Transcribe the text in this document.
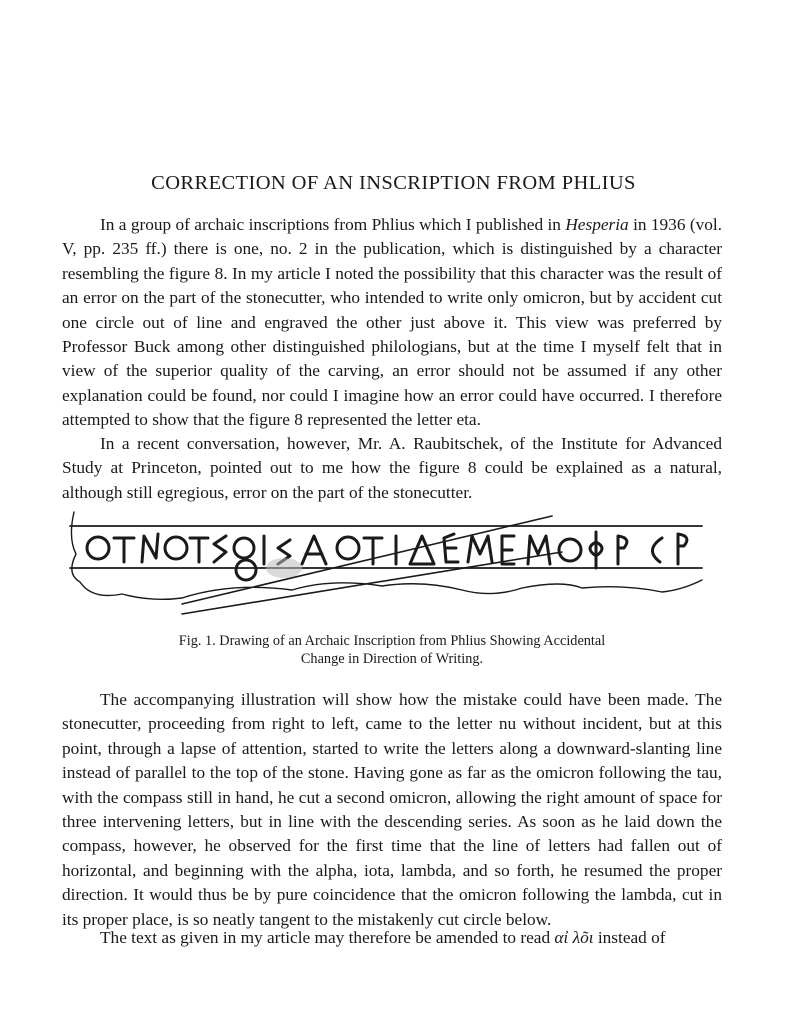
CORRECTION OF AN INSCRIPTION FROM PHLIUS

In a group of archaic inscriptions from Phlius which I published in Hesperia in 1936 (vol. V, pp. 235 ff.) there is one, no. 2 in the publication, which is distinguished by a character resembling the figure 8. In my article I noted the possibility that this character was the result of an error on the part of the stonecutter, who intended to write only omicron, but by accident cut one circle out of line and engraved the other just above it. This view was preferred by Professor Buck among other distinguished philologians, but at the time I myself felt that in view of the superior quality of the carving, an error should not be assumed if any other explanation could be found, nor could I imagine how an error could have occurred. I therefore attempted to show that the figure 8 represented the letter eta.

In a recent conversation, however, Mr. A. Raubitschek, of the Institute for Advanced Study at Princeton, pointed out to me how the figure 8 could be explained as a natural, although still egregious, error on the part of the stonecutter.

Fig. 1. Drawing of an Archaic Inscription from Phlius Showing Accidental
Change in Direction of Writing.

The accompanying illustration will show how the mistake could have been made. The stonecutter, proceeding from right to left, came to the letter nu without incident, but at this point, through a lapse of attention, started to write the letters along a downward-slanting line instead of parallel to the top of the stone. Having gone as far as the omicron following the tau, with the compass still in hand, he cut a second omicron, allowing the right amount of space for three intervening letters, but in line with the descending series. As soon as he laid down the compass, however, he observed for the first time that the line of letters had fallen out of horizontal, and beginning with the alpha, iota, lambda, and so forth, he resumed the proper direction. It would thus be by pure coincidence that the omicron following the lambda, cut in its proper place, is so neatly tangent to the mistakenly cut circle below.

The text as given in my article may therefore be amended to read αἰ λõι instead of
